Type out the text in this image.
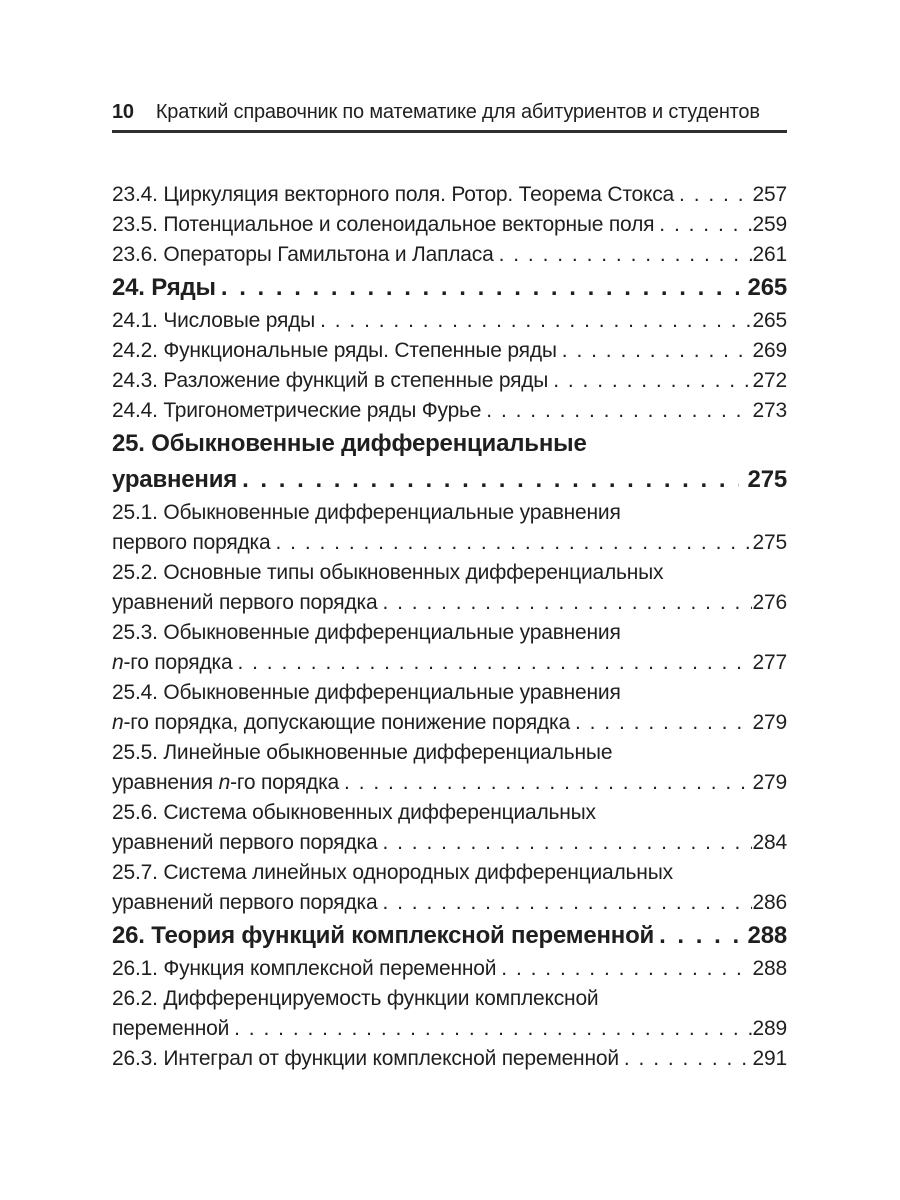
10 Краткий справочник по математике для абитуриентов и студентов
23.4. Циркуляция векторного поля. Ротор. Теорема Стокса . . .	257
23.5. Потенциальное и соленоидальное векторные поля . . .	259
23.6. Операторы Гамильтона и Лапласа . . .	261
24. Ряды . . .	265
24.1. Числовые ряды . . .	265
24.2. Функциональные ряды. Степенные ряды . . .	269
24.3. Разложение функций в степенные ряды . . .	272
24.4. Тригонометрические ряды Фурье . . .	273
25. Обыкновенные дифференциальные
уравнения . . .	275
25.1. Обыкновенные дифференциальные уравнения
первого порядка . . .	275
25.2. Основные типы обыкновенных дифференциальных
уравнений первого порядка . . .	276
25.3. Обыкновенные дифференциальные уравнения
n-го порядка . . .	277
25.4. Обыкновенные дифференциальные уравнения
n-го порядка, допускающие понижение порядка . . .	279
25.5. Линейные обыкновенные дифференциальные
уравнения n-го порядка . . .	279
25.6. Система обыкновенных дифференциальных
уравнений первого порядка . . .	284
25.7. Система линейных однородных дифференциальных
уравнений первого порядка . . .	286
26. Теория функций комплексной переменной . . .	288
26.1. Функция комплексной переменной . . .	288
26.2. Дифференцируемость функции комплексной
переменной . . .	289
26.3. Интеграл от функции комплексной переменной . . .	291
